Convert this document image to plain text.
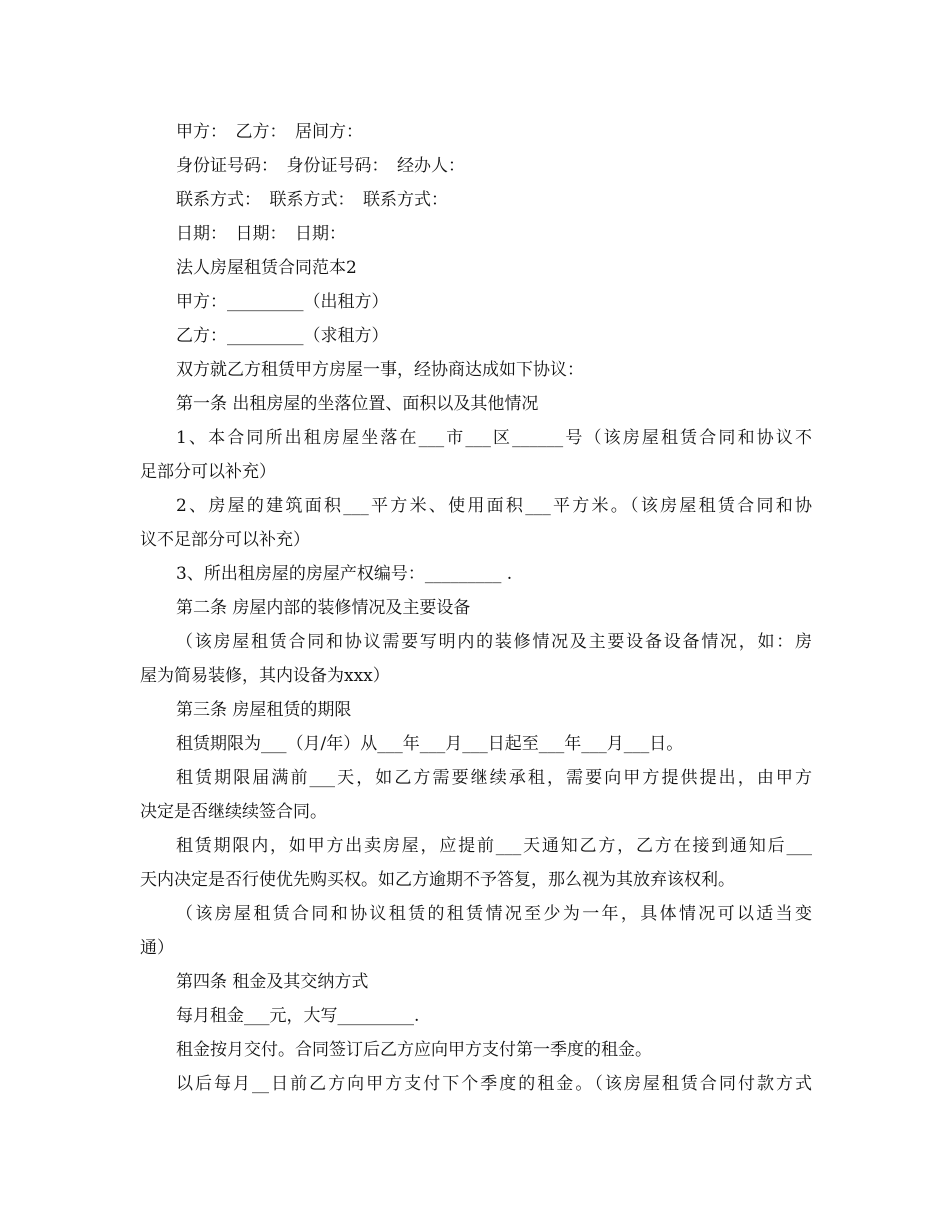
甲方：　乙方：　居间方：
身份证号码：　身份证号码：　经办人：
联系方式：　联系方式：　联系方式：
日期：　日期：　日期：
法人房屋租赁合同范本2
甲方：_________（出租方）
乙方：_________（求租方）
双方就乙方租赁甲方房屋一事，经协商达成如下协议：
第一条 出租房屋的坐落位置、面积以及其他情况
1、本合同所出租房屋坐落在___市___区______号（该房屋租赁合同和协议不
足部分可以补充）
2、房屋的建筑面积___平方米、使用面积___平方米。（该房屋租赁合同和协
议不足部分可以补充）
3、所出租房屋的房屋产权编号：_________ .
第二条 房屋内部的装修情况及主要设备
（该房屋租赁合同和协议需要写明内的装修情况及主要设备设备情况，如：房
屋为简易装修，其内设备为xxx）
第三条 房屋租赁的期限
租赁期限为___（月/年）从___年___月___日起至___年___月___日。
租赁期限届满前___天，如乙方需要继续承租，需要向甲方提供提出，由甲方
决定是否继续续签合同。
租赁期限内，如甲方出卖房屋，应提前___天通知乙方，乙方在接到通知后___
天内决定是否行使优先购买权。如乙方逾期不予答复，那么视为其放弃该权利。
（该房屋租赁合同和协议租赁的租赁情况至少为一年，具体情况可以适当变
通）
第四条 租金及其交纳方式
每月租金___元，大写_________.
租金按月交付。合同签订后乙方应向甲方支付第一季度的租金。
以后每月__日前乙方向甲方支付下个季度的租金。（该房屋租赁合同付款方式
